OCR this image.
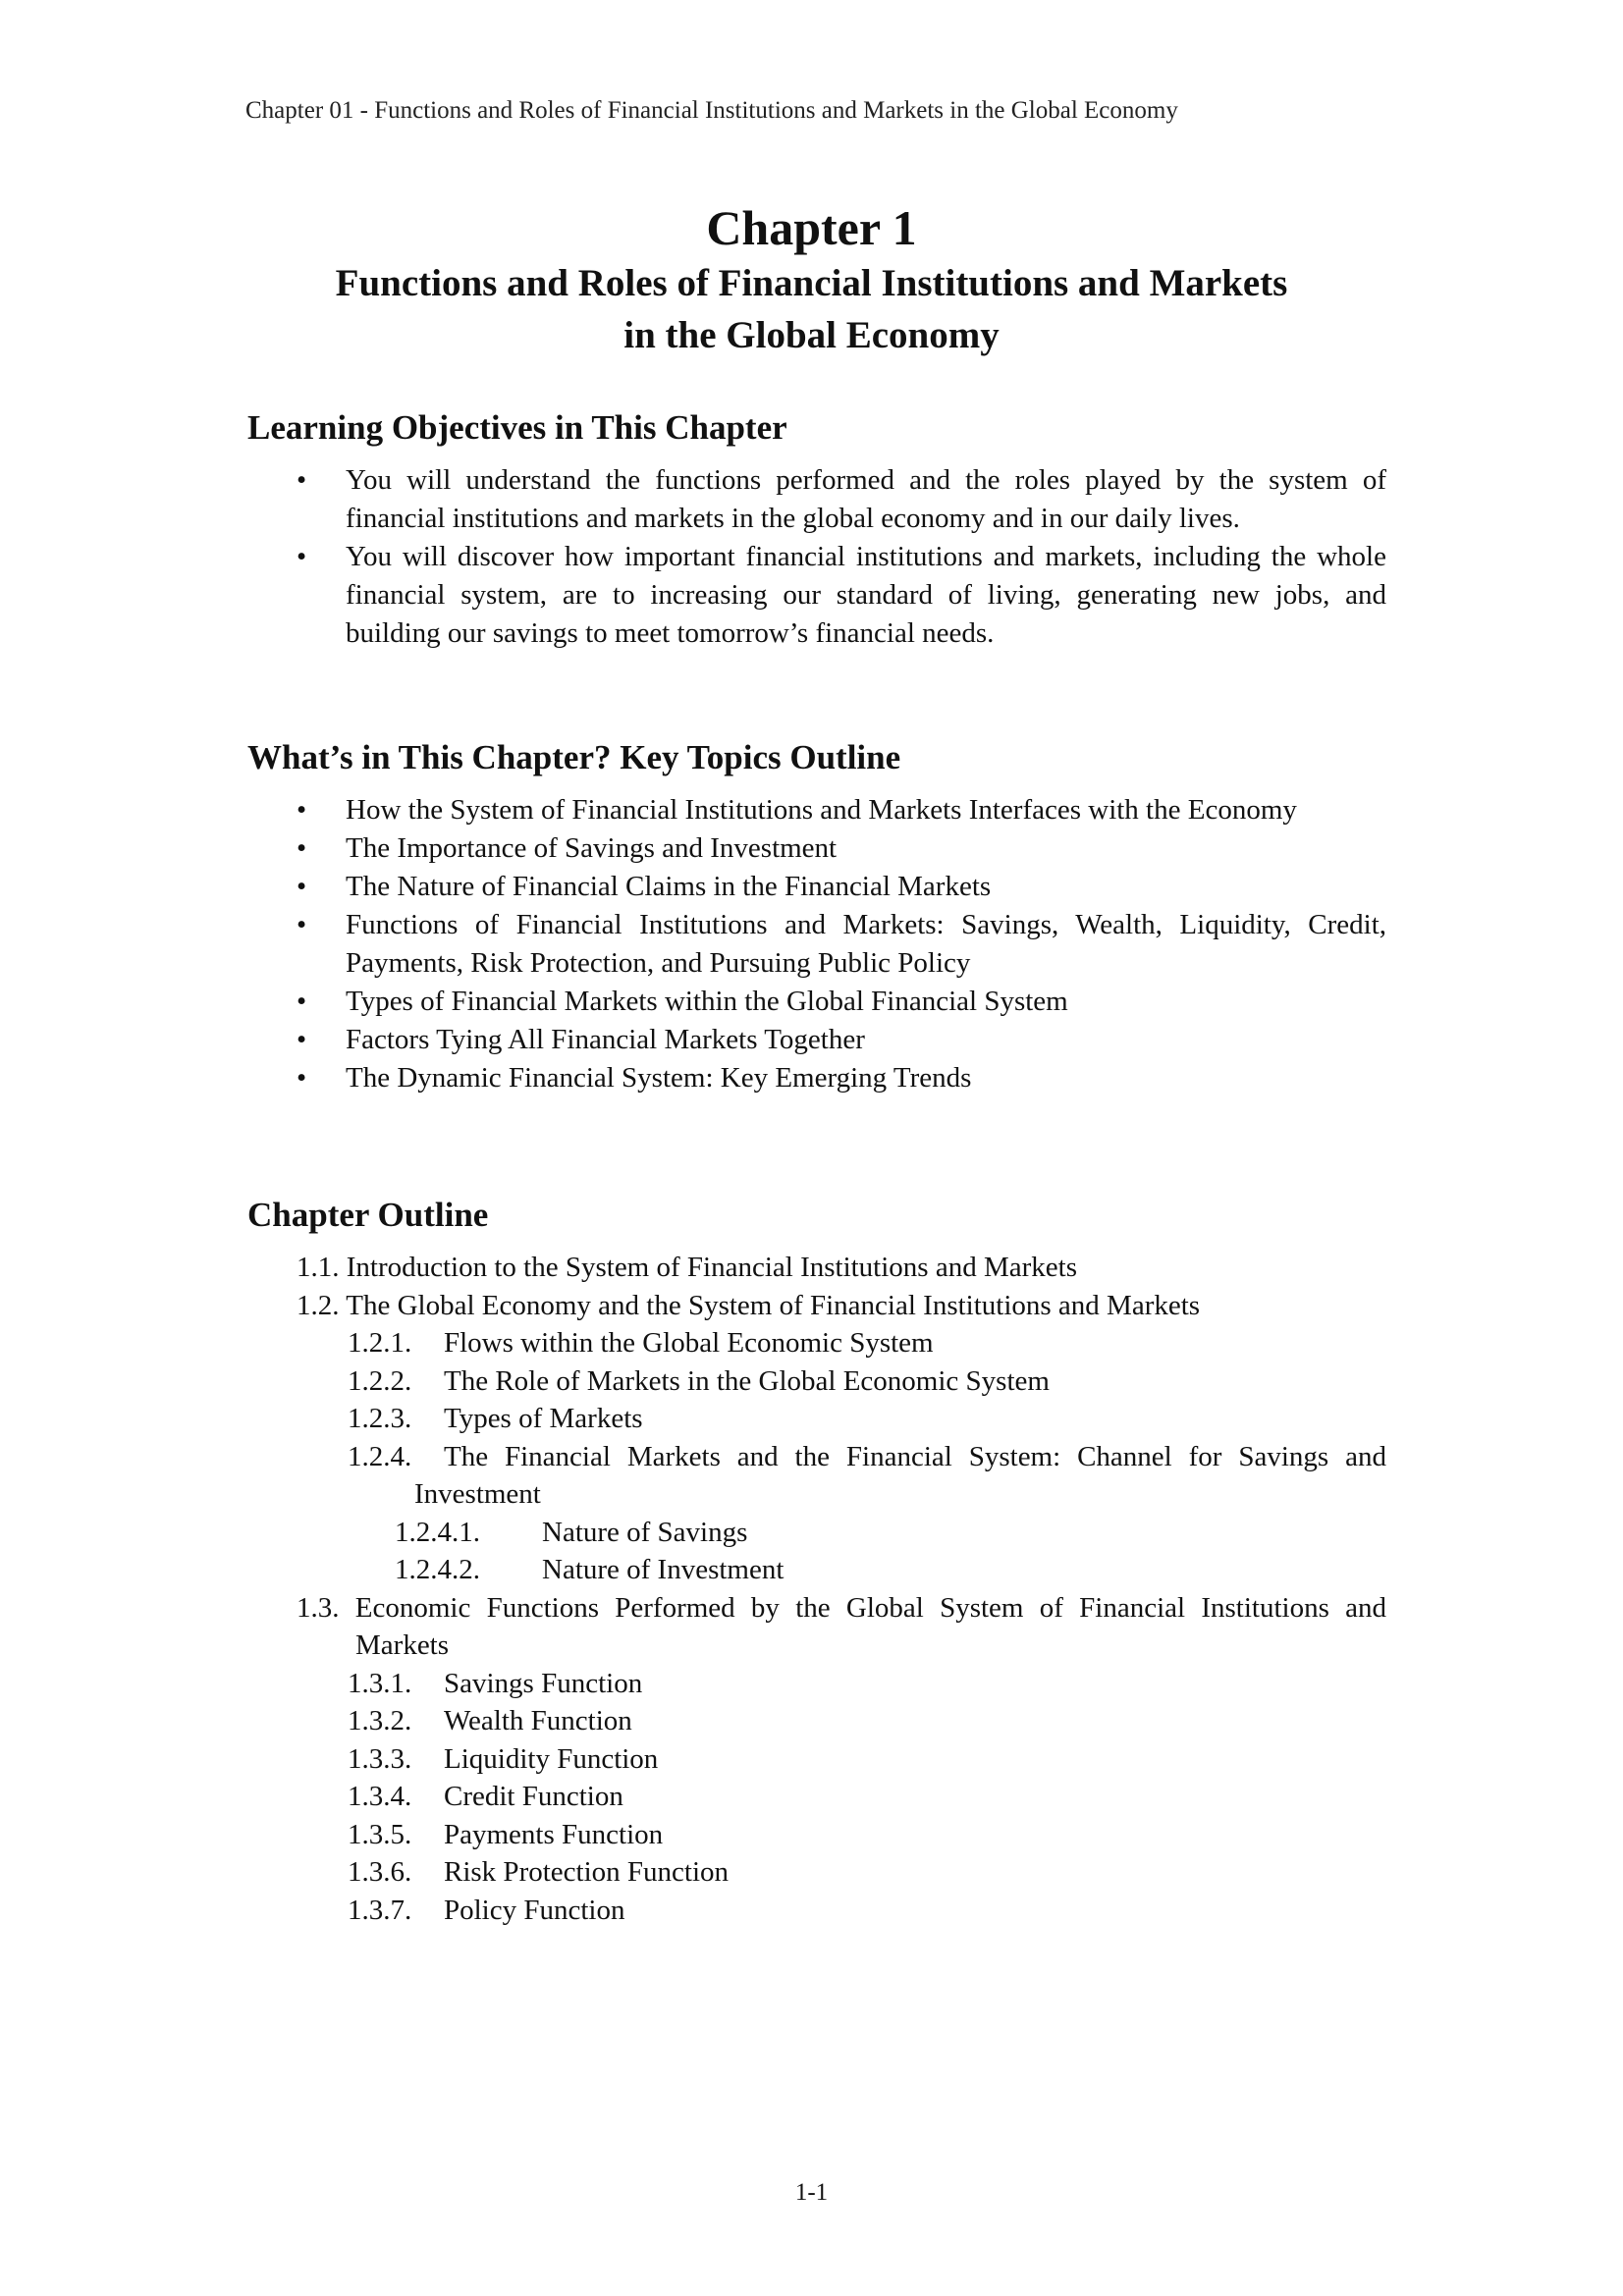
Chapter 01 - Functions and Roles of Financial Institutions and Markets in the Global Economy
Chapter 1
Functions and Roles of Financial Institutions and Markets
in the Global Economy
Learning Objectives in This Chapter
• You will understand the functions performed and the roles played by the system of financial institutions and markets in the global economy and in our daily lives.
• You will discover how important financial institutions and markets, including the whole financial system, are to increasing our standard of living, generating new jobs, and building our savings to meet tomorrow’s financial needs.
What’s in This Chapter? Key Topics Outline
• How the System of Financial Institutions and Markets Interfaces with the Economy
• The Importance of Savings and Investment
• The Nature of Financial Claims in the Financial Markets
• Functions of Financial Institutions and Markets: Savings, Wealth, Liquidity, Credit, Payments, Risk Protection, and Pursuing Public Policy
• Types of Financial Markets within the Global Financial System
• Factors Tying All Financial Markets Together
• The Dynamic Financial System: Key Emerging Trends
Chapter Outline
1.1. Introduction to the System of Financial Institutions and Markets
1.2. The Global Economy and the System of Financial Institutions and Markets
1.2.1. Flows within the Global Economic System
1.2.2. The Role of Markets in the Global Economic System
1.2.3. Types of Markets
1.2.4. The Financial Markets and the Financial System: Channel for Savings and Investment
1.2.4.1. Nature of Savings
1.2.4.2. Nature of Investment
1.3. Economic Functions Performed by the Global System of Financial Institutions and Markets
1.3.1. Savings Function
1.3.2. Wealth Function
1.3.3. Liquidity Function
1.3.4. Credit Function
1.3.5. Payments Function
1.3.6. Risk Protection Function
1.3.7. Policy Function
1-1
